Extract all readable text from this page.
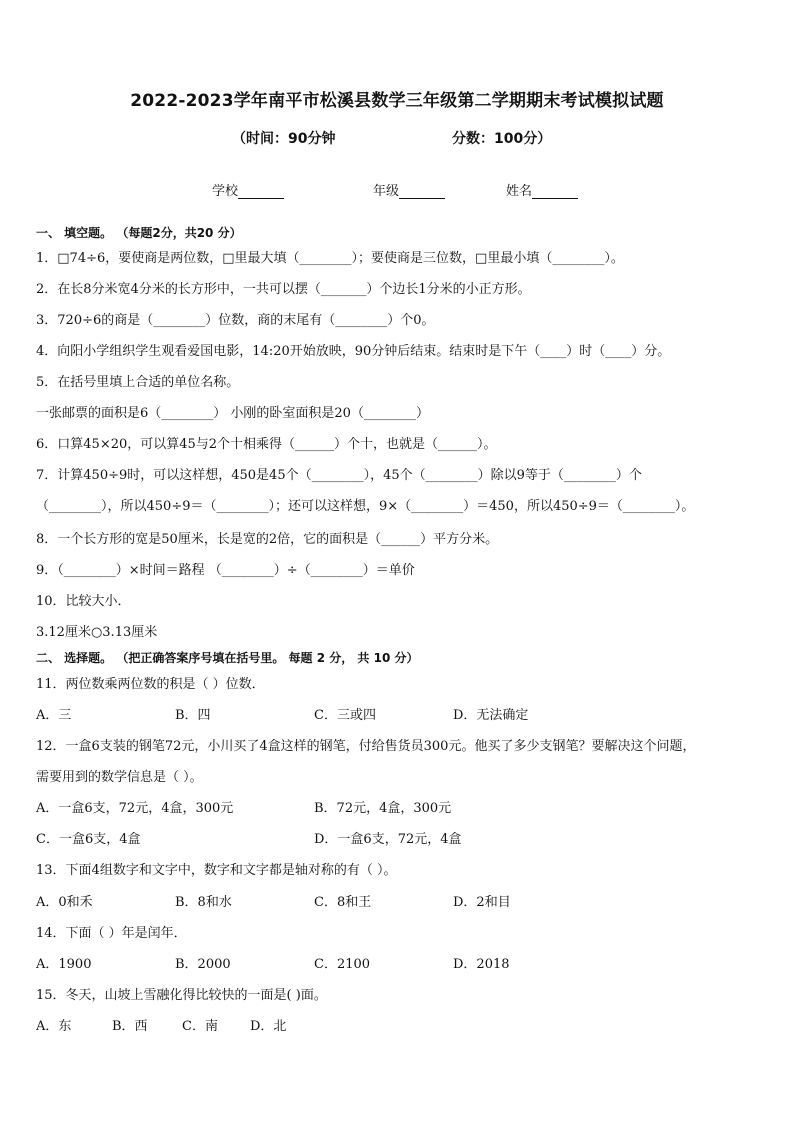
2022-2023学年南平市松溪县数学三年级第二学期期末考试模拟试题
（时间：90分钟	分数：100分）
学校	年级	姓名
一、 填空题。 （每题2分，共20 分）
1．□74÷6，要使商是两位数，□里最大填（________）；要使商是三位数，□里最小填（________）。
2．在长8分米宽4分米的长方形中，一共可以摆（_______）个边长1分米的小正方形。
3．720÷6的商是（________）位数，商的末尾有（________）个0。
4．向阳小学组织学生观看爱国电影，14:20开始放映，90分钟后结束。结束时是下午（____）时（____）分。
5．在括号里填上合适的单位名称。
一张邮票的面积是6（________） 小刚的卧室面积是20（________）
6．口算45×20，可以算45与2个十相乘得（______）个十，也就是（______）。
7．计算450÷9时，可以这样想，450是45个（________），45个（________）除以9等于（________）个
（________），所以450÷9＝（________）；还可以这样想，9×（________）＝450，所以450÷9＝（________）。
8．一个长方形的宽是50厘米，长是宽的2倍，它的面积是（______）平方分米。
9．（________）×时间＝路程 （________）÷（________）＝单价
10．比较大小．
3.12厘米○3.13厘米
二、 选择题。 （把正确答案序号填在括号里。 每题 2 分， 共 10 分）
11．两位数乘两位数的积是（ ）位数．
A．三	B．四	C．三或四	D．无法确定
12．一盒6支装的钢笔72元，小川买了4盒这样的钢笔，付给售货员300元。他买了多少支钢笔？要解决这个问题，
需要用到的数学信息是（ ）。
A．一盒6支，72元，4盒，300元	B．72元，4盒，300元
C．一盒6支，4盒	D．一盒6支，72元，4盒
13．下面4组数字和文字中，数字和文字都是轴对称的有（ ）。
A．0和禾	B．8和水	C．8和王	D．2和目
14．下面（ ）年是闰年．
A．1900	B．2000	C．2100	D．2018
15．冬天，山坡上雪融化得比较快的一面是( )面。
A．东	B．西	C．南 D．北
